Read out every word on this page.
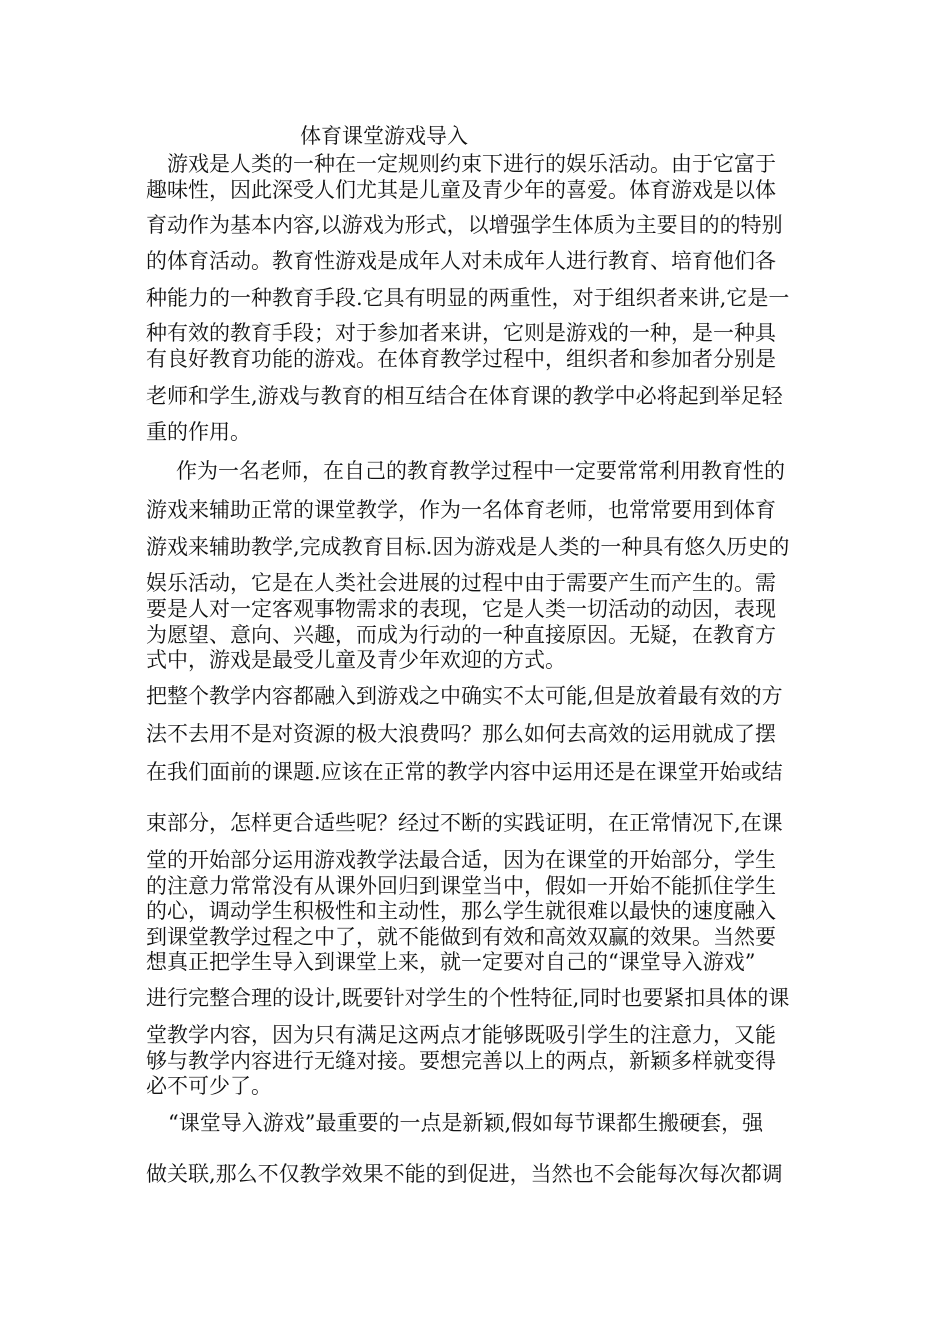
体育课堂游戏导入
游戏是人类的一种在一定规则约束下进行的娱乐活动。由于它富于
趣味性，因此深受人们尤其是儿童及青少年的喜爱。体育游戏是以体
育动作为基本内容,以游戏为形式，以增强学生体质为主要目的的特别
的体育活动。教育性游戏是成年人对未成年人进行教育、培育他们各
种能力的一种教育手段.它具有明显的两重性，对于组织者来讲,它是一
种有效的教育手段；对于参加者来讲，它则是游戏的一种，是一种具
有良好教育功能的游戏。在体育教学过程中，组织者和参加者分别是
老师和学生,游戏与教育的相互结合在体育课的教学中必将起到举足轻
重的作用。
作为一名老师，在自己的教育教学过程中一定要常常利用教育性的
游戏来辅助正常的课堂教学，作为一名体育老师，也常常要用到体育
游戏来辅助教学,完成教育目标.因为游戏是人类的一种具有悠久历史的
娱乐活动，它是在人类社会进展的过程中由于需要产生而产生的。需
要是人对一定客观事物需求的表现，它是人类一切活动的动因，表现
为愿望、意向、兴趣，而成为行动的一种直接原因。无疑，在教育方
式中，游戏是最受儿童及青少年欢迎的方式。
把整个教学内容都融入到游戏之中确实不太可能,但是放着最有效的方
法不去用不是对资源的极大浪费吗？那么如何去高效的运用就成了摆
在我们面前的课题.应该在正常的教学内容中运用还是在课堂开始或结
束部分，怎样更合适些呢？经过不断的实践证明，在正常情况下,在课
堂的开始部分运用游戏教学法最合适，因为在课堂的开始部分，学生
的注意力常常没有从课外回归到课堂当中，假如一开始不能抓住学生
的心，调动学生积极性和主动性，那么学生就很难以最快的速度融入
到课堂教学过程之中了，就不能做到有效和高效双赢的效果。当然要
想真正把学生导入到课堂上来，就一定要对自己的“课堂导入游戏”
进行完整合理的设计,既要针对学生的个性特征,同时也要紧扣具体的课
堂教学内容，因为只有满足这两点才能够既吸引学生的注意力，又能
够与教学内容进行无缝对接。要想完善以上的两点，新颖多样就变得
必不可少了。
“课堂导入游戏”最重要的一点是新颖,假如每节课都生搬硬套，强
做关联,那么不仅教学效果不能的到促进，当然也不会能每次每次都调
